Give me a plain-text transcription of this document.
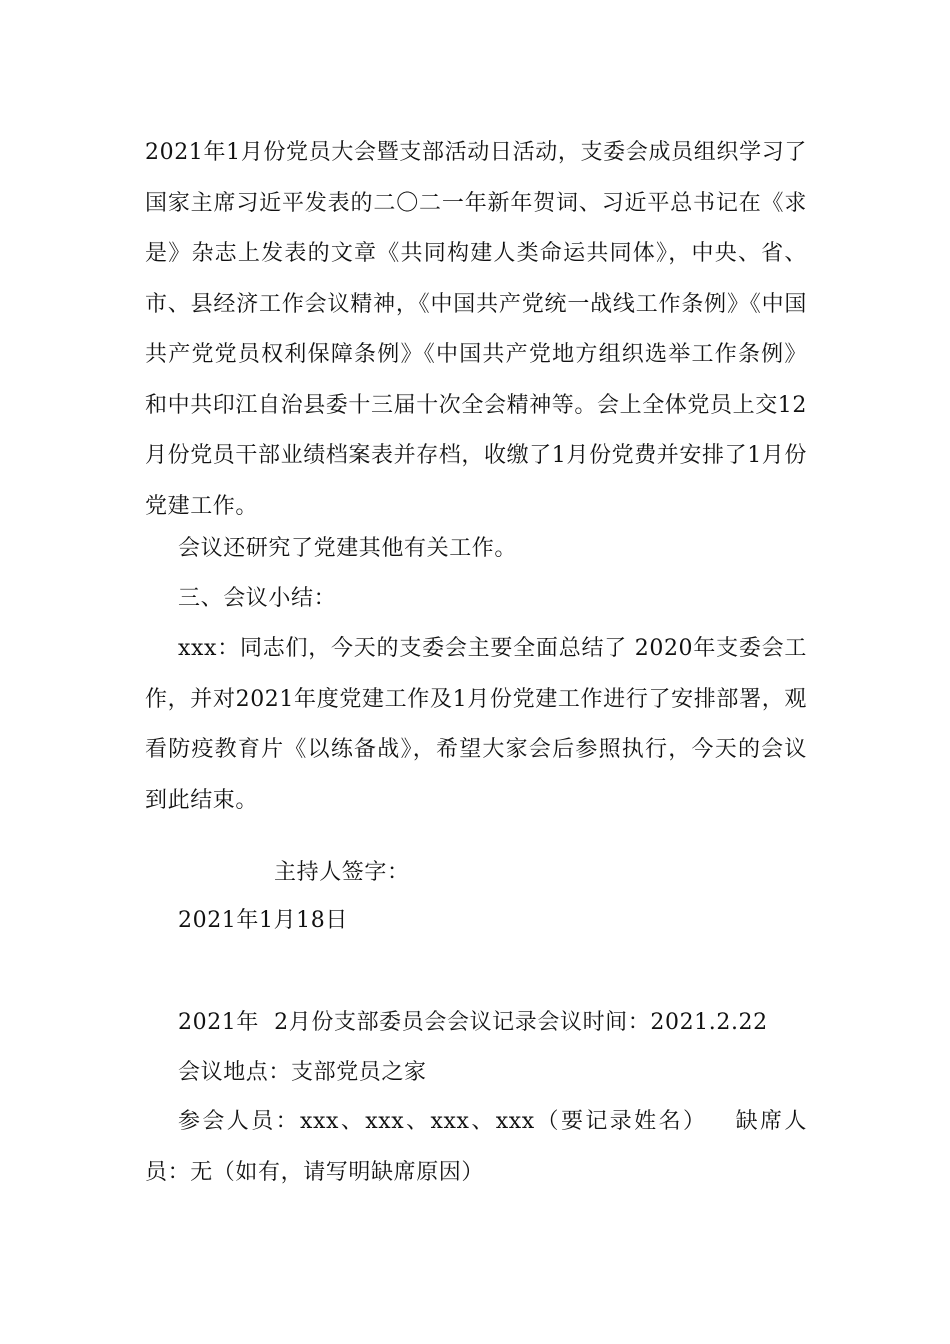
2021年1月份党员大会暨支部活动日活动，支委会成员组织学习了国家主席习近平发表的二〇二一年新年贺词、习近平总书记在《求是》杂志上发表的文章《共同构建人类命运共同体》，中央、省、市、县经济工作会议精神，《中国共产党统一战线工作条例》《中国共产党党员权利保障条例》《中国共产党地方组织选举工作条例》和中共印江自治县委十三届十次全会精神等。会上全体党员上交12月份党员干部业绩档案表并存档，收缴了1月份党费并安排了1月份党建工作。

会议还研究了党建其他有关工作。

三、会议小结：

xxx：同志们，今天的支委会主要全面总结了 2020年支委会工作，并对2021年度党建工作及1月份党建工作进行了安排部署，观看防疫教育片《以练备战》，希望大家会后参照执行，今天的会议到此结束。

主持人签字：

2021年1月18日

2021年  2月份支部委员会会议记录会议时间：2021.2.22

会议地点：支部党员之家

参会人员：xxx、xxx、xxx、xxx（要记录姓名）   缺席人员：无（如有，请写明缺席原因）
